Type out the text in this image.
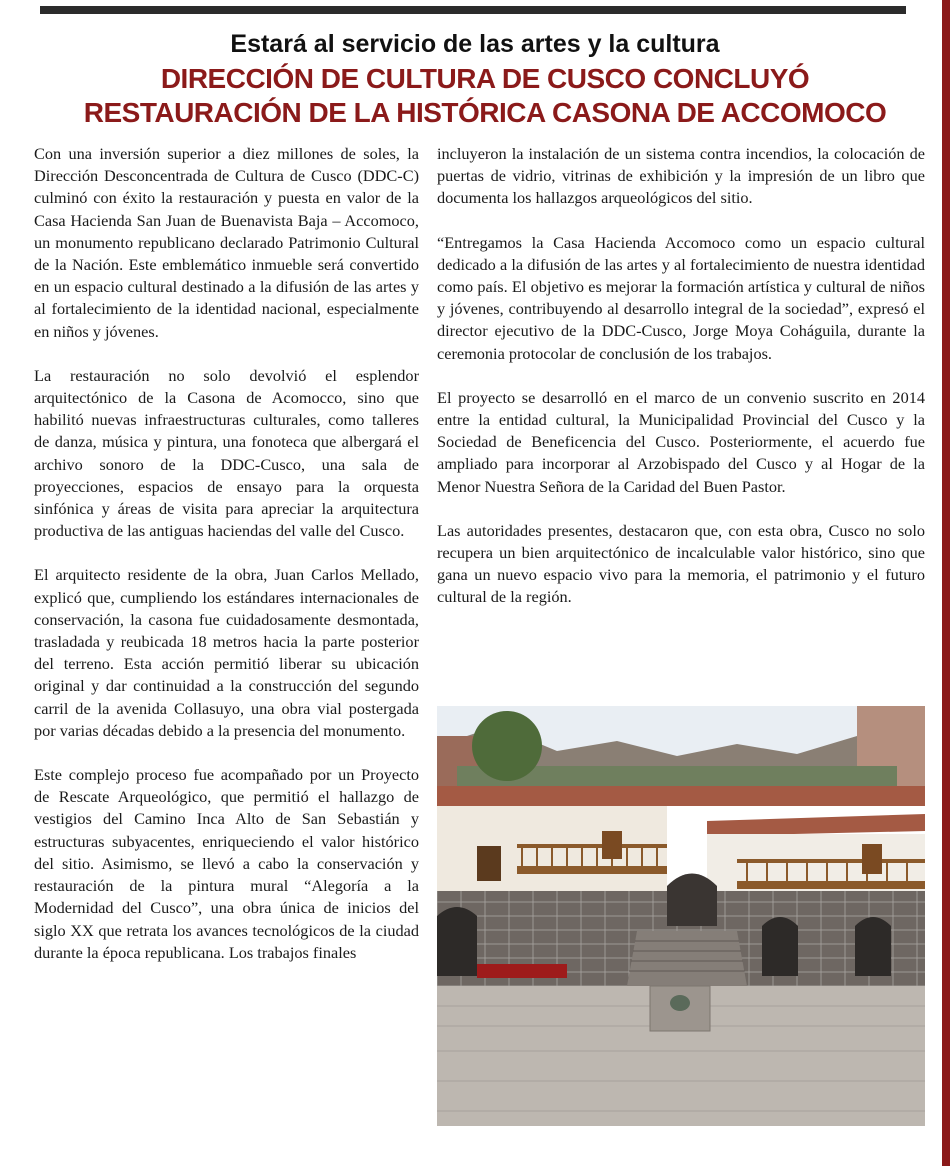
Estará al servicio de las artes y la cultura
DIRECCIÓN DE CULTURA DE CUSCO CONCLUYÓ
RESTAURACIÓN DE LA HISTÓRICA CASONA DE ACCOMOCO

Con una inversión superior a diez millones de soles, la Dirección Desconcentrada de Cultura de Cusco (DDC-C) culminó con éxito la restauración y puesta en valor de la Casa Hacienda San Juan de Buenavista Baja – Accomoco, un monumento republicano declarado Patrimonio Cultural de la Nación. Este emblemático inmueble será convertido en un espacio cultural destinado a la difusión de las artes y al fortalecimiento de la identidad nacional, especialmente en niños y jóvenes.

La restauración no solo devolvió el esplendor arquitectónico de la Casona de Acomocco, sino que habilitó nuevas infraestructuras culturales, como talleres de danza, música y pintura, una fonoteca que albergará el archivo sonoro de la DDC-Cusco, una sala de proyecciones, espacios de ensayo para la orquesta sinfónica y áreas de visita para apreciar la arquitectura productiva de las antiguas haciendas del valle del Cusco.

El arquitecto residente de la obra, Juan Carlos Mellado, explicó que, cumpliendo los estándares internacionales de conservación, la casona fue cuidadosamente desmontada, trasladada y reubicada 18 metros hacia la parte posterior del terreno. Esta acción permitió liberar su ubicación original y dar continuidad a la construcción del segundo carril de la avenida Collasuyo, una obra vial postergada por varias décadas debido a la presencia del monumento.

Este complejo proceso fue acompañado por un Proyecto de Rescate Arqueológico, que permitió el hallazgo de vestigios del Camino Inca Alto de San Sebastián y estructuras subyacentes, enriqueciendo el valor histórico del sitio. Asimismo, se llevó a cabo la conservación y restauración de la pintura mural “Alegoría a la Modernidad del Cusco”, una obra única de inicios del siglo XX que retrata los avances tecnológicos de la ciudad durante la época republicana. Los trabajos finales

incluyeron la instalación de un sistema contra incendios, la colocación de puertas de vidrio, vitrinas de exhibición y la impresión de un libro que documenta los hallazgos arqueológicos del sitio.

“Entregamos la Casa Hacienda Accomoco como un espacio cultural dedicado a la difusión de las artes y al fortalecimiento de nuestra identidad como país. El objetivo es mejorar la formación artística y cultural de niños y jóvenes, contribuyendo al desarrollo integral de la sociedad”, expresó el director ejecutivo de la DDC-Cusco, Jorge Moya Coháguila, durante la ceremonia protocolar de conclusión de los trabajos.

El proyecto se desarrolló en el marco de un convenio suscrito en 2014 entre la entidad cultural, la Municipalidad Provincial del Cusco y la Sociedad de Beneficencia del Cusco. Posteriormente, el acuerdo fue ampliado para incorporar al Arzobispado del Cusco y al Hogar de la Menor Nuestra Señora de la Caridad del Buen Pastor.

Las autoridades presentes, destacaron que, con esta obra, Cusco no solo recupera un bien arquitectónico de incalculable valor histórico, sino que gana un nuevo espacio vivo para la memoria, el patrimonio y el futuro cultural de la región.
